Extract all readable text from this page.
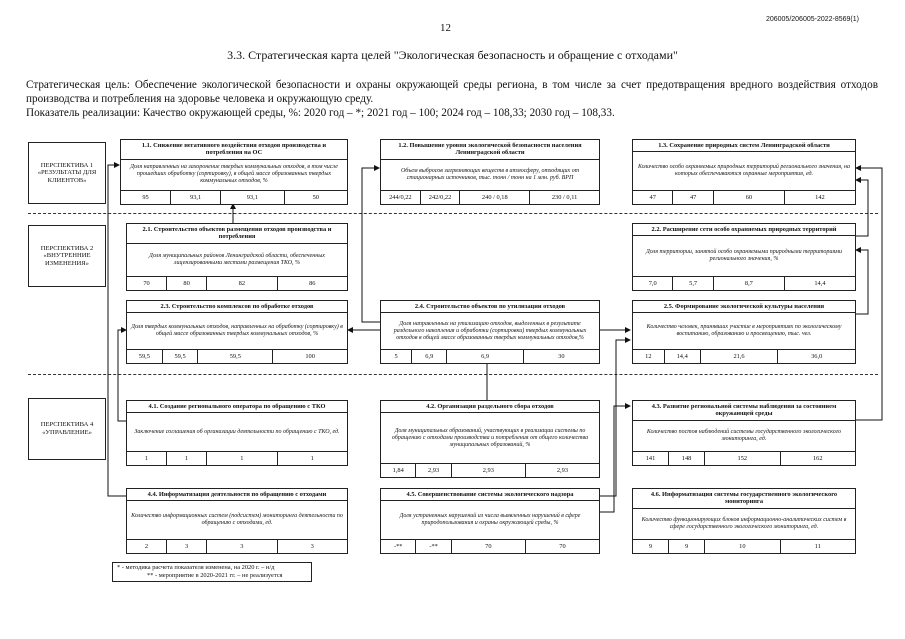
12
206005/206005-2022-8569(1)
3.3. Стратегическая карта целей "Экологическая безопасность и обращение с отходами"
Стратегическая цель: Обеспечение экологической безопасности и охраны окружающей среды региона, в том числе за счет предотвращения вредного воздействия отходов производства и потребления на здоровье человека и окружающую среду.
Показатель реализации: Качество окружающей среды, %: 2020 год – *; 2021 год – 100; 2024 год – 108,33; 2030 год – 108,33.
ПЕРСПЕКТИВА 1 «РЕЗУЛЬТАТЫ ДЛЯ КЛИЕНТОВ»
ПЕРСПЕКТИВА 2 «ВНУТРЕННИЕ ИЗМЕНЕНИЯ»
ПЕРСПЕКТИВА 4 «УПРАВЛЕНИЕ»
1.1. Снижение негативного воздействия отходов производства и потребления на ОС
Доля направленных на захоронение твердых коммунальных отходов, в том числе прошедших обработку (сортировку), в общей массе образованных твердых коммунальных отходов, %
95	93,1	93,1	50
1.2. Повышение уровня экологической безопасности населения Ленинградской области
Объем выбросов загрязняющих веществ в атмосферу, отходящих от стационарных источников, тыс. тонн / тонн на 1 млн. руб. ВРП
244/0,22	242/0,22	240 / 0,18	230 / 0,11
1.3. Сохранение природных систем Ленинградской области
Количество особо охраняемых природных территорий регионального значения, на которых обеспечиваются охранные мероприятия, ед.
47	47	60	142
2.1. Строительство объектов размещения отходов производства и потребления
Доля муниципальных районов Ленинградской области, обеспеченных лицензированными местами размещения ТКО, %
70	80	82	86
2.2. Расширение сети особо охраняемых природных территорий
Доля территории, занятой особо охраняемыми природными территориями регионального значения, %
7,0	5,7	8,7	14,4
2.3. Строительство комплексов по обработке отходов
Доля твердых коммунальных отходов, направленных на обработку (сортировку) в общей массе образованных твердых коммунальных отходов, %
59,5	59,5	59,5	100
2.4. Строительство объектов по утилизации отходов
Доля направленных на утилизацию отходов, выделенных в результате раздельного накопления и обработки (сортировки) твердых коммунальных отходов в общей массе образованных твердых коммунальных отходов,%
5	6,9	6,9	30
2.5. Формирование экологической культуры населения
Количество человек, принявших участие в мероприятиях по экологическому воспитанию, образованию и просвещению, тыс. чел.
12	14,4	21,6	36,0
4.1. Создание регионального оператора по обращению с ТКО
Заключение соглашения об организации деятельности по обращению с ТКО, ед.
1	1	1	1
4.2. Организация раздельного сбора отходов
Доля муниципальных образований, участвующих в реализации системы по обращению с отходами производства и потребления от общего количества муниципальных образований, %
1,84	2,93	2,93	2,93
4.3. Развитие региональной системы наблюдения за состоянием окружающей среды
Количество постов наблюдений системы государственного экологического мониторинга, ед.
141	148	152	162
4.4. Информатизация деятельности по обращению с отходами
Количество информационных систем (подсистем) мониторинга деятельности по обращению с отходами, ед.
2	3	3	3
4.5. Совершенствование системы экологического надзора
Доля устраненных нарушений из числа выявленных нарушений в сфере природопользования и охраны окружающей среды, %
-**	-**	70	70
4.6. Информатизация системы государственного экологического мониторинга
Количество функционирующих блоков информационно-аналитических систем в сфере государственного экологического мониторинга, ед.
9	9	10	11
* - методика расчета показателя изменена, на 2020 г. – н/д
** - мероприятие в 2020-2021 гг. – не реализуется
